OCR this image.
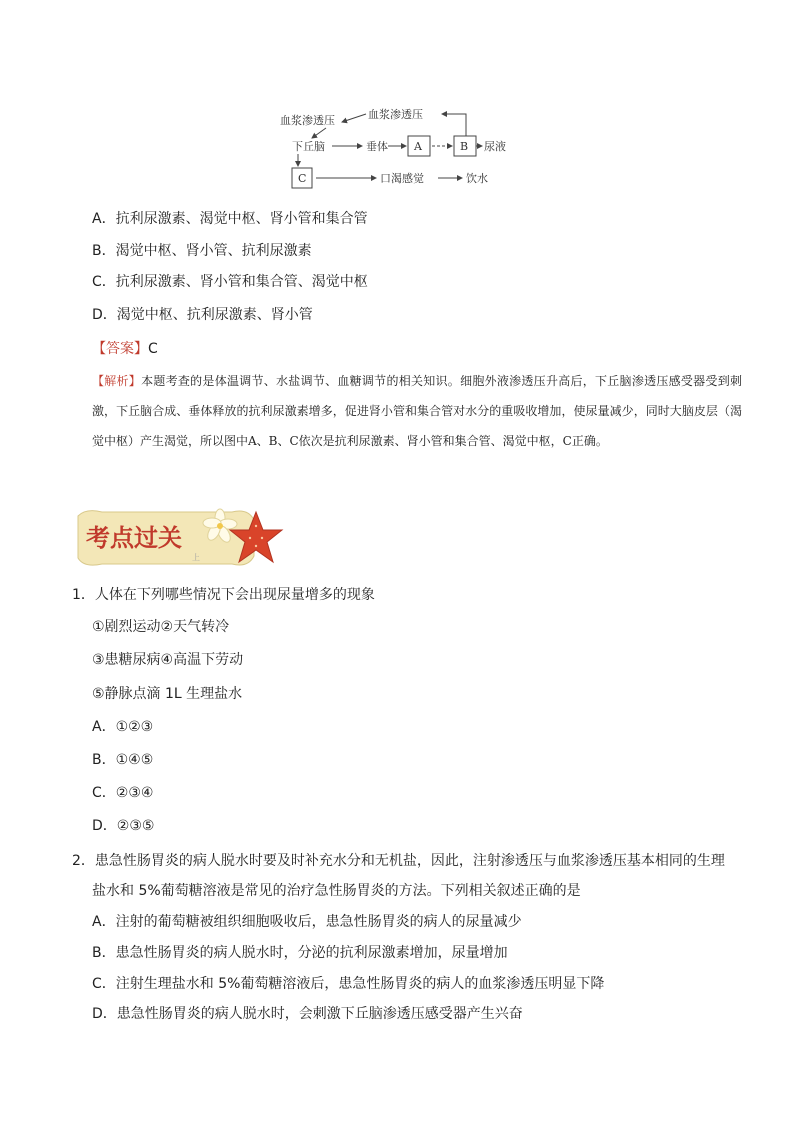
血浆渗透压
血浆渗透压
下丘脑	垂体 A	B 尿液
C	口渴感觉	饮水
A．抗利尿激素、渴觉中枢、肾小管和集合管
B．渴觉中枢、肾小管、抗利尿激素
C．抗利尿激素、肾小管和集合管、渴觉中枢
D．渴觉中枢、抗利尿激素、肾小管
【答案】C
【解析】本题考查的是体温调节、水盐调节、血糖调节的相关知识。细胞外液渗透压升高后，下丘脑渗透压感受器受到刺激，下丘脑合成、垂体释放的抗利尿激素增多，促进肾小管和集合管对水分的重吸收增加，使尿量减少，同时大脑皮层（渴觉中枢）产生渴觉，所以图中A、B、C依次是抗利尿激素、肾小管和集合管、渴觉中枢，C正确。
考点过关
上
1．人体在下列哪些情况下会出现尿量增多的现象
①剧烈运动②天气转冷
③患糖尿病④高温下劳动
⑤静脉点滴 1L 生理盐水
A．①②③
B．①④⑤
C．②③④
D．②③⑤
2．患急性肠胃炎的病人脱水时要及时补充水分和无机盐，因此，注射渗透压与血浆渗透压基本相同的生理
盐水和 5%葡萄糖溶液是常见的治疗急性肠胃炎的方法。下列相关叙述正确的是
A．注射的葡萄糖被组织细胞吸收后，患急性肠胃炎的病人的尿量减少
B．患急性肠胃炎的病人脱水时，分泌的抗利尿激素增加，尿量增加
C．注射生理盐水和 5%葡萄糖溶液后，患急性肠胃炎的病人的血浆渗透压明显下降
D．患急性肠胃炎的病人脱水时，会刺激下丘脑渗透压感受器产生兴奋
